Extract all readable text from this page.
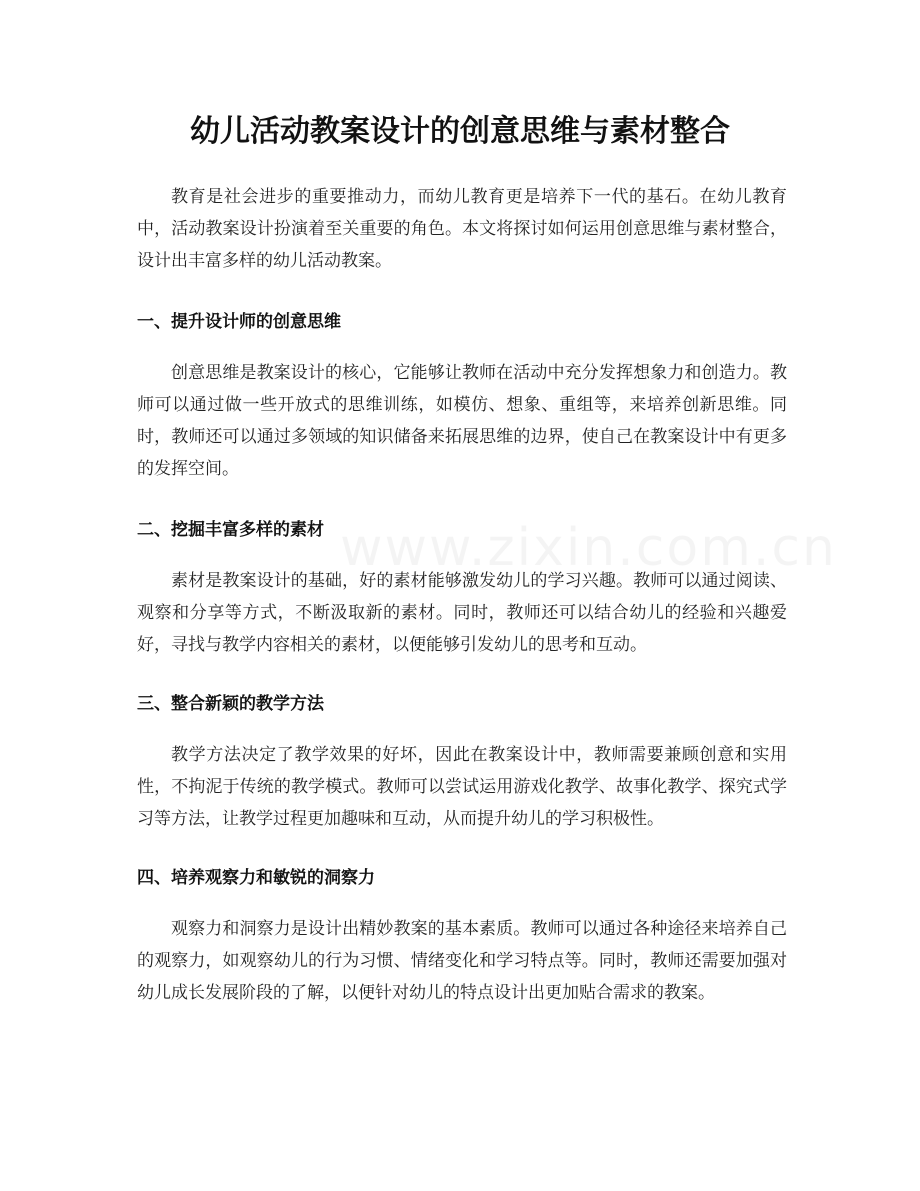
幼儿活动教案设计的创意思维与素材整合

教育是社会进步的重要推动力，而幼儿教育更是培养下一代的基石。在幼儿教育中，活动教案设计扮演着至关重要的角色。本文将探讨如何运用创意思维与素材整合，设计出丰富多样的幼儿活动教案。

一、提升设计师的创意思维

创意思维是教案设计的核心，它能够让教师在活动中充分发挥想象力和创造力。教师可以通过做一些开放式的思维训练，如模仿、想象、重组等，来培养创新思维。同时，教师还可以通过多领域的知识储备来拓展思维的边界，使自己在教案设计中有更多的发挥空间。

二、挖掘丰富多样的素材

素材是教案设计的基础，好的素材能够激发幼儿的学习兴趣。教师可以通过阅读、观察和分享等方式，不断汲取新的素材。同时，教师还可以结合幼儿的经验和兴趣爱好，寻找与教学内容相关的素材，以便能够引发幼儿的思考和互动。

三、整合新颖的教学方法

教学方法决定了教学效果的好坏，因此在教案设计中，教师需要兼顾创意和实用性，不拘泥于传统的教学模式。教师可以尝试运用游戏化教学、故事化教学、探究式学习等方法，让教学过程更加趣味和互动，从而提升幼儿的学习积极性。

四、培养观察力和敏锐的洞察力

观察力和洞察力是设计出精妙教案的基本素质。教师可以通过各种途径来培养自己的观察力，如观察幼儿的行为习惯、情绪变化和学习特点等。同时，教师还需要加强对幼儿成长发展阶段的了解，以便针对幼儿的特点设计出更加贴合需求的教案。
